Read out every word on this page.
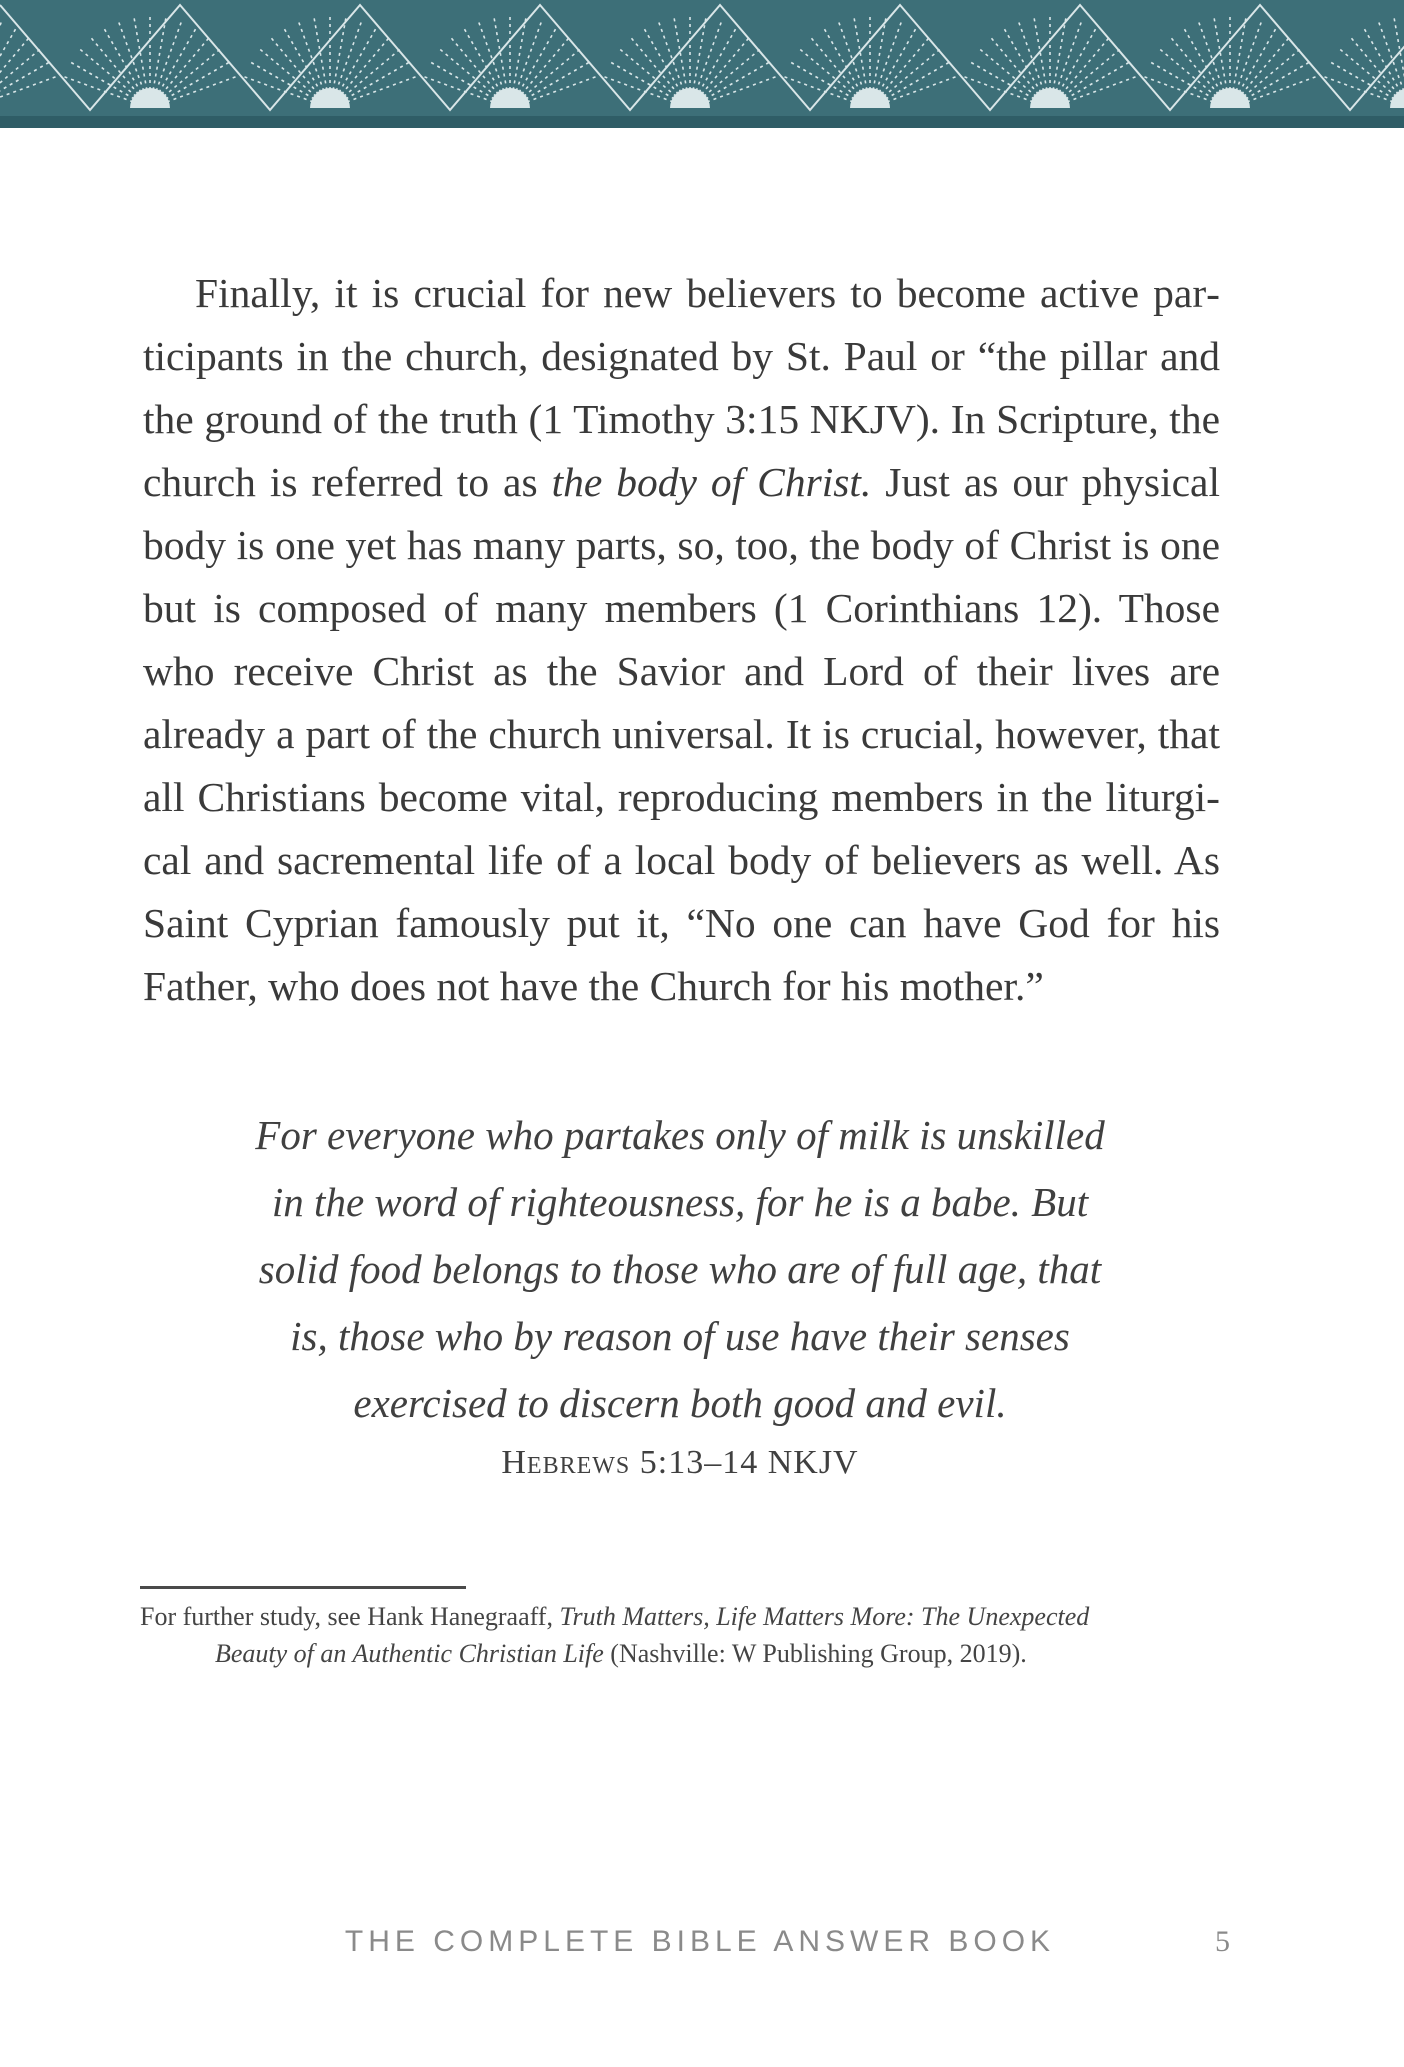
Finally, it is crucial for new believers to become active participants in the church, designated by St. Paul or “the pillar and the ground of the truth (1 Timothy 3:15 NKJV). In Scripture, the church is referred to as the body of Christ. Just as our physical body is one yet has many parts, so, too, the body of Christ is one but is composed of many members (1 Corinthians 12). Those who receive Christ as the Savior and Lord of their lives are already a part of the church universal. It is crucial, however, that all Christians become vital, reproducing members in the liturgical and sacremental life of a local body of believers as well. As Saint Cyprian famously put it, “No one can have God for his Father, who does not have the Church for his mother.”

For everyone who partakes only of milk is unskilled
in the word of righteousness, for he is a babe. But
solid food belongs to those who are of full age, that
is, those who by reason of use have their senses
exercised to discern both good and evil.
Hebrews 5:13–14 NKJV
For further study, see Hank Hanegraaff, Truth Matters, Life Matters More: The Unexpected
Beauty of an Authentic Christian Life (Nashville: W Publishing Group, 2019).
THE COMPLETE BIBLE ANSWER BOOK	5
